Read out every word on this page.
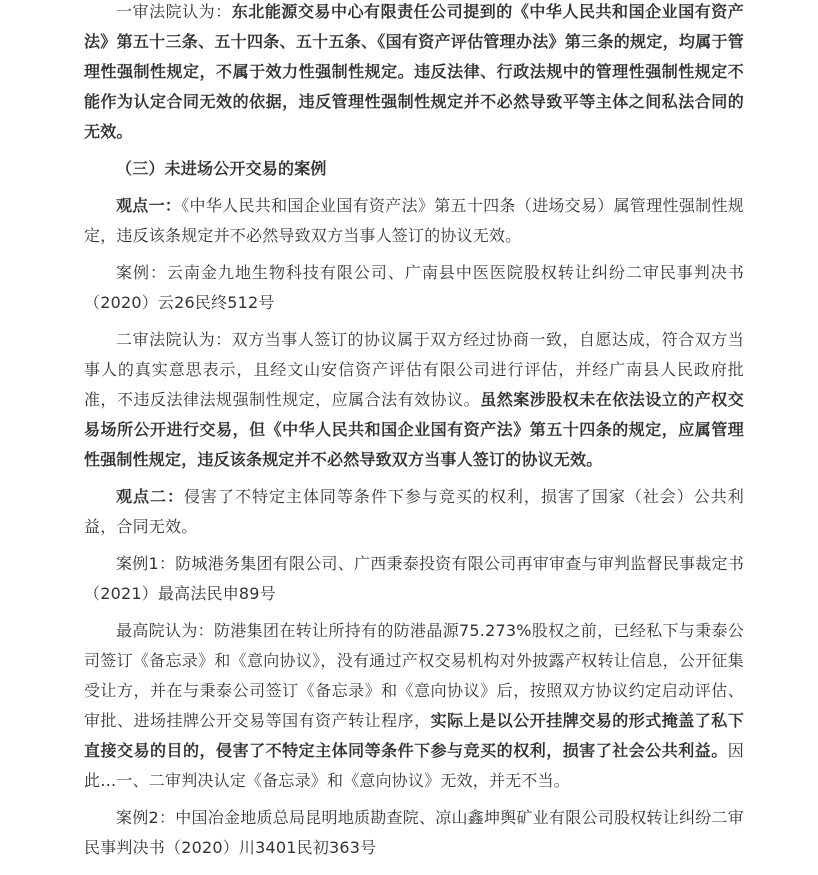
一审法院认为：东北能源交易中心有限责任公司提到的《中华人民共和国企业国有资产法》第五十三条、五十四条、五十五条、《国有资产评估管理办法》第三条的规定，均属于管理性强制性规定，不属于效力性强制性规定。违反法律、行政法规中的管理性强制性规定不能作为认定合同无效的依据，违反管理性强制性规定并不必然导致平等主体之间私法合同的无效。

（三）未进场公开交易的案例

观点一：《中华人民共和国企业国有资产法》第五十四条（进场交易）属管理性强制性规定，违反该条规定并不必然导致双方当事人签订的协议无效。

案例：云南金九地生物科技有限公司、广南县中医医院股权转让纠纷二审民事判决书（2020）云26民终512号

二审法院认为：双方当事人签订的协议属于双方经过协商一致，自愿达成，符合双方当事人的真实意思表示，且经文山安信资产评估有限公司进行评估，并经广南县人民政府批准，不违反法律法规强制性规定，应属合法有效协议。虽然案涉股权未在依法设立的产权交易场所公开进行交易，但《中华人民共和国企业国有资产法》第五十四条的规定，应属管理性强制性规定，违反该条规定并不必然导致双方当事人签订的协议无效。

观点二：侵害了不特定主体同等条件下参与竞买的权利，损害了国家（社会）公共利益，合同无效。

案例1：防城港务集团有限公司、广西秉泰投资有限公司再审审查与审判监督民事裁定书（2021）最高法民申89号

最高院认为：防港集团在转让所持有的防港晶源75.273%股权之前，已经私下与秉泰公司签订《备忘录》和《意向协议》，没有通过产权交易机构对外披露产权转让信息，公开征集受让方，并在与秉泰公司签订《备忘录》和《意向协议》后，按照双方协议约定启动评估、审批、进场挂牌公开交易等国有资产转让程序，实际上是以公开挂牌交易的形式掩盖了私下直接交易的目的，侵害了不特定主体同等条件下参与竞买的权利，损害了社会公共利益。因此…一、二审判决认定《备忘录》和《意向协议》无效，并无不当。

案例2：中国冶金地质总局昆明地质勘查院、凉山鑫坤舆矿业有限公司股权转让纠纷二审民事判决书（2020）川3401民初363号
